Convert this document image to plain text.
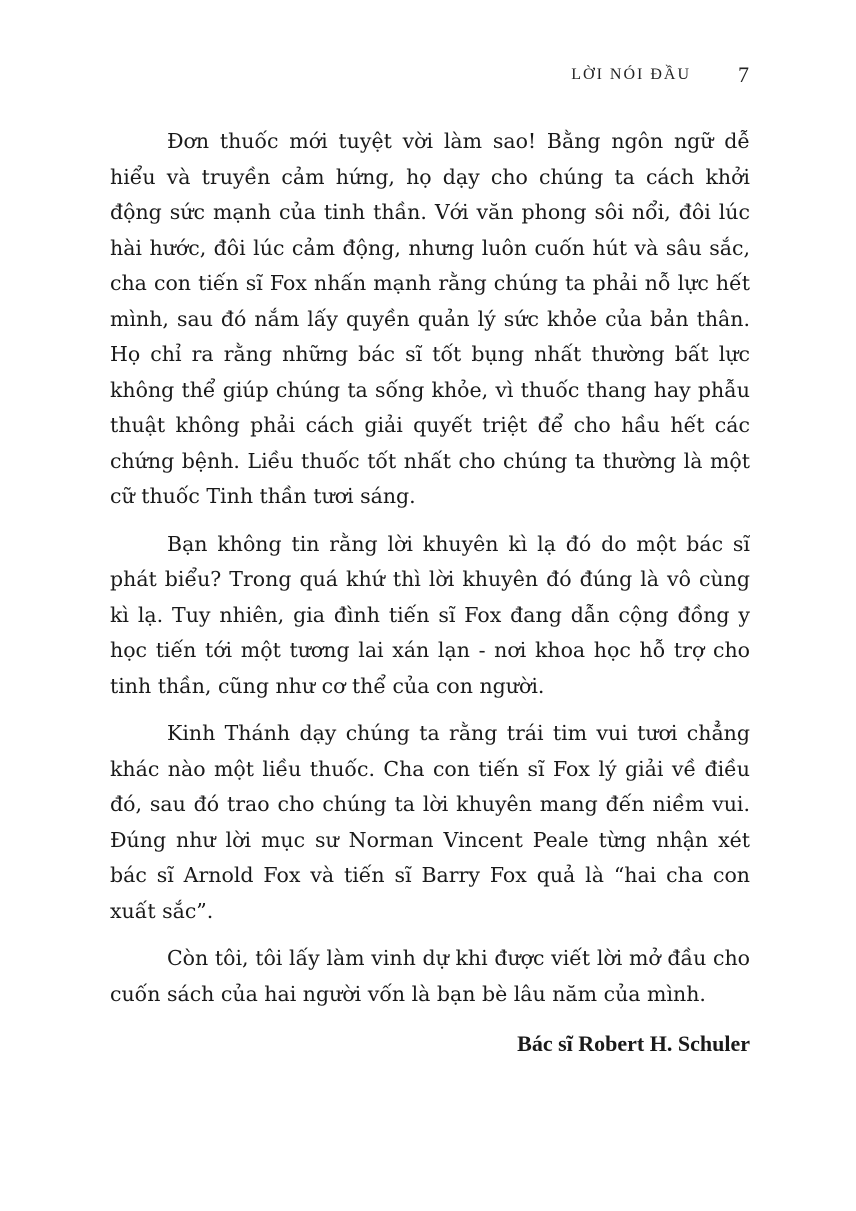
LỜI NÓI ĐẦU 7

Đơn thuốc mới tuyệt vời làm sao! Bằng ngôn ngữ dễ hiểu và truyền cảm hứng, họ dạy cho chúng ta cách khởi động sức mạnh của tinh thần. Với văn phong sôi nổi, đôi lúc hài hước, đôi lúc cảm động, nhưng luôn cuốn hút và sâu sắc, cha con tiến sĩ Fox nhấn mạnh rằng chúng ta phải nỗ lực hết mình, sau đó nắm lấy quyền quản lý sức khỏe của bản thân. Họ chỉ ra rằng những bác sĩ tốt bụng nhất thường bất lực không thể giúp chúng ta sống khỏe, vì thuốc thang hay phẫu thuật không phải cách giải quyết triệt để cho hầu hết các chứng bệnh. Liều thuốc tốt nhất cho chúng ta thường là một cữ thuốc Tinh thần tươi sáng.

Bạn không tin rằng lời khuyên kì lạ đó do một bác sĩ phát biểu? Trong quá khứ thì lời khuyên đó đúng là vô cùng kì lạ. Tuy nhiên, gia đình tiến sĩ Fox đang dẫn cộng đồng y học tiến tới một tương lai xán lạn - nơi khoa học hỗ trợ cho tinh thần, cũng như cơ thể của con người.

Kinh Thánh dạy chúng ta rằng trái tim vui tươi chẳng khác nào một liều thuốc. Cha con tiến sĩ Fox lý giải về điều đó, sau đó trao cho chúng ta lời khuyên mang đến niềm vui. Đúng như lời mục sư Norman Vincent Peale từng nhận xét bác sĩ Arnold Fox và tiến sĩ Barry Fox quả là “hai cha con xuất sắc”.

Còn tôi, tôi lấy làm vinh dự khi được viết lời mở đầu cho cuốn sách của hai người vốn là bạn bè lâu năm của mình.

Bác sĩ Robert H. Schuler
